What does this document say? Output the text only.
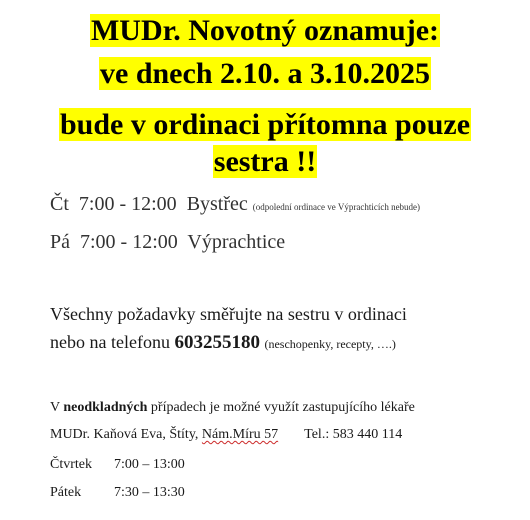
MUDr. Novotný oznamuje:
ve dnech 2.10. a 3.10.2025
bude v ordinaci přítomna pouze
sestra !!
Čt 7:00 - 12:00 Bystřec (odpolední ordinace ve Výprachticích nebude)
Pá 7:00 - 12:00 Výprachtice
Všechny požadavky směřujte na sestru v ordinaci
nebo na telefonu 603255180 (neschopenky, recepty, ….)
V neodkladných případech je možné využít zastupujícího lékaře
MUDr. Kaňová Eva, Štíty, Nám.Míru 57 Tel.: 583 440 114
Čtvrtek 7:00 – 13:00
Pátek 7:30 – 13:30
